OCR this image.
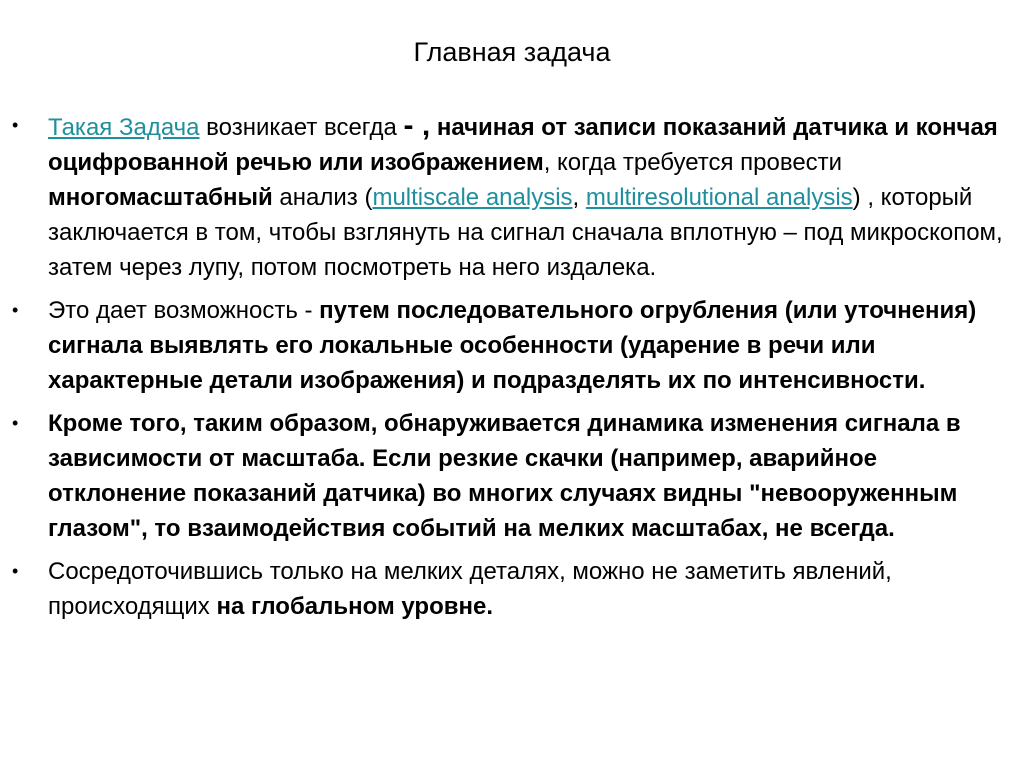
Главная задача
• Такая Задача возникает всегда - , начиная от записи показаний датчика и кончая оцифрованной речью или изображением, когда требуется провести многомасштабный анализ (multiscale analysis, multiresolutional analysis) , который заключается в том, чтобы взглянуть на сигнал сначала вплотную – под микроскопом, затем через лупу, потом посмотреть на него издалека.
• Это дает возможность - путем последовательного огрубления (или уточнения) сигнала выявлять его локальные особенности (ударение в речи или характерные детали изображения) и подразделять их по интенсивности.
• Кроме того, таким образом, обнаруживается динамика изменения сигнала в зависимости от масштаба. Если резкие скачки (например, аварийное отклонение показаний датчика) во многих случаях видны "невооруженным глазом", то взаимодействия событий на мелких масштабах, не всегда.
• Сосредоточившись только на мелких деталях, можно не заметить явлений, происходящих на глобальном уровне.
